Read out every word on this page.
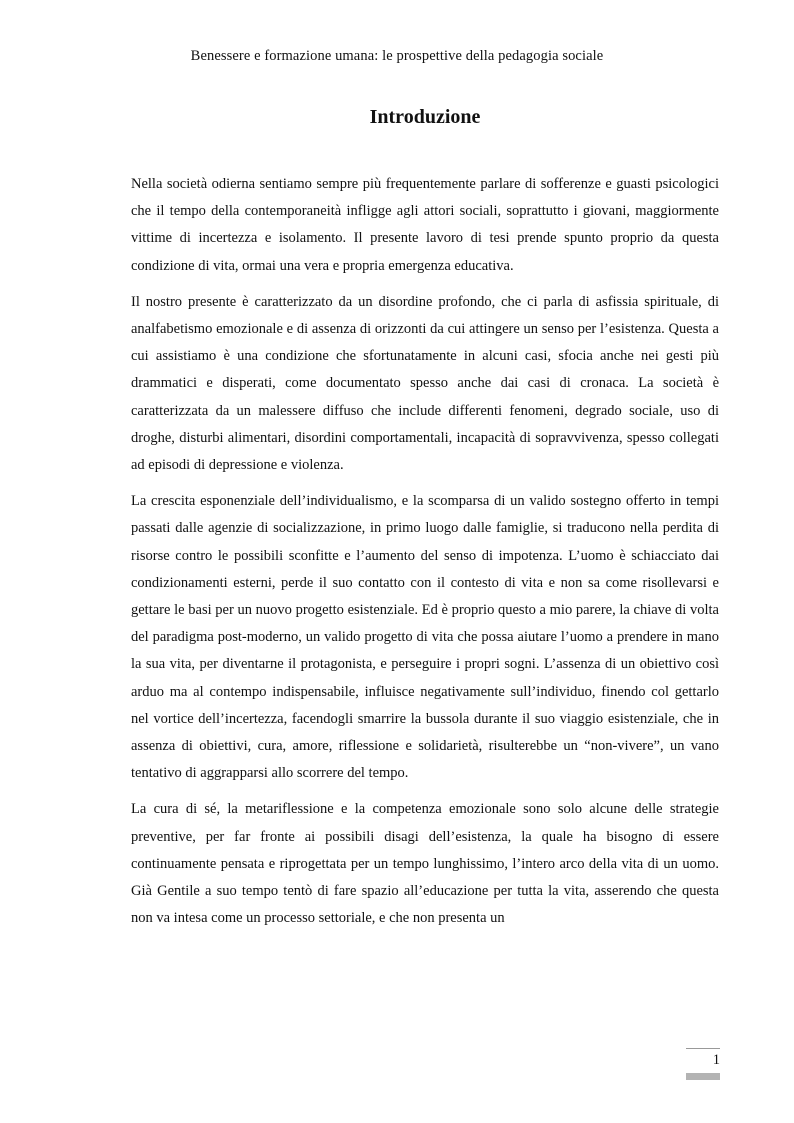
Benessere e formazione umana: le prospettive della pedagogia sociale
Introduzione

Nella società odierna sentiamo sempre più frequentemente parlare di sofferenze e guasti psicologici che il tempo della contemporaneità infligge agli attori sociali, soprattutto i giovani, maggiormente vittime di incertezza e isolamento. Il presente lavoro di tesi prende spunto proprio da questa condizione di vita, ormai una vera e propria emergenza educativa.

Il nostro presente è caratterizzato da un disordine profondo, che ci parla di asfissia spirituale, di analfabetismo emozionale e di assenza di orizzonti da cui attingere un senso per l’esistenza. Questa a cui assistiamo è una condizione che sfortunatamente in alcuni casi, sfocia anche nei gesti più drammatici e disperati, come documentato spesso anche dai casi di cronaca. La società è caratterizzata da un malessere diffuso che include differenti fenomeni, degrado sociale, uso di droghe, disturbi alimentari, disordini comportamentali, incapacità di sopravvivenza, spesso collegati ad episodi di depressione e violenza.

La crescita esponenziale dell’individualismo, e la scomparsa di un valido sostegno offerto in tempi passati dalle agenzie di socializzazione, in primo luogo dalle famiglie, si traducono nella perdita di risorse contro le possibili sconfitte e l’aumento del senso di impotenza. L’uomo è schiacciato dai condizionamenti esterni, perde il suo contatto con il contesto di vita e non sa come risollevarsi e gettare le basi per un nuovo progetto esistenziale. Ed è proprio questo a mio parere, la chiave di volta del paradigma post-moderno, un valido progetto di vita che possa aiutare l’uomo a prendere in mano la sua vita, per diventarne il protagonista, e perseguire i propri sogni. L’assenza di un obiettivo così arduo ma al contempo indispensabile, influisce negativamente sull’individuo, finendo col gettarlo nel vortice dell’incertezza, facendogli smarrire la bussola durante il suo viaggio esistenziale, che in assenza di obiettivi, cura, amore, riflessione e solidarietà, risulterebbe un “non-vivere”, un vano tentativo di aggrapparsi allo scorrere del tempo.

La cura di sé, la metariflessione e la competenza emozionale sono solo alcune delle strategie preventive, per far fronte ai possibili disagi dell’esistenza, la quale ha bisogno di essere continuamente pensata e riprogettata per un tempo lunghissimo, l’intero arco della vita di un uomo. Già Gentile a suo tempo tentò di fare spazio all’educazione per tutta la vita, asserendo che questa non va intesa come un processo settoriale, e che non presenta un

1
